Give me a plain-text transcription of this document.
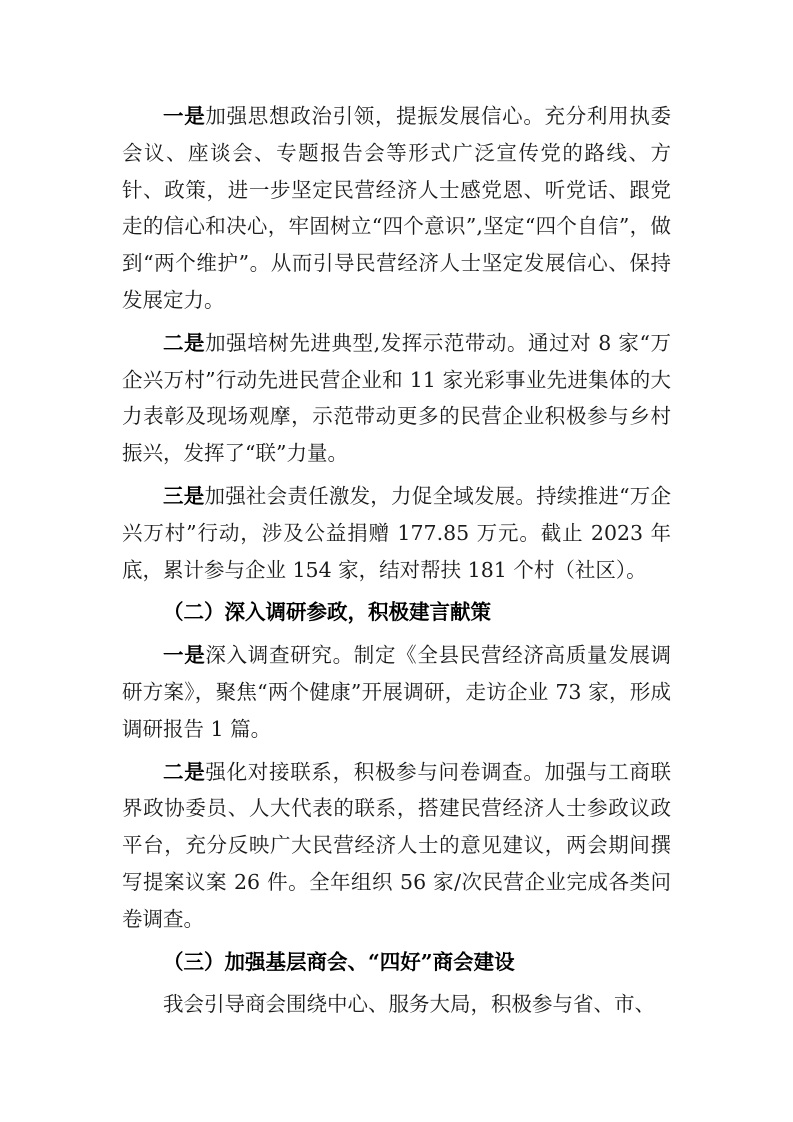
一是加强思想政治引领，提振发展信心。充分利用执委会议、座谈会、专题报告会等形式广泛宣传党的路线、方针、政策，进一步坚定民营经济人士感党恩、听党话、跟党走的信心和决心，牢固树立“四个意识”,坚定“四个自信”，做到“两个维护”。从而引导民营经济人士坚定发展信心、保持发展定力。

二是加强培树先进典型,发挥示范带动。通过对 8 家“万企兴万村”行动先进民营企业和 11 家光彩事业先进集体的大力表彰及现场观摩，示范带动更多的民营企业积极参与乡村振兴，发挥了“联”力量。

三是加强社会责任激发，力促全域发展。持续推进“万企兴万村”行动，涉及公益捐赠 177.85 万元。截止 2023 年底，累计参与企业 154 家，结对帮扶 181 个村（社区）。

（二）深入调研参政，积极建言献策

一是深入调查研究。制定《全县民营经济高质量发展调研方案》，聚焦“两个健康”开展调研，走访企业 73 家，形成调研报告 1 篇。

二是强化对接联系，积极参与问卷调查。加强与工商联界政协委员、人大代表的联系，搭建民营经济人士参政议政平台，充分反映广大民营经济人士的意见建议，两会期间撰写提案议案 26 件。全年组织 56 家/次民营企业完成各类问卷调查。

（三）加强基层商会、“四好”商会建设

我会引导商会围绕中心、服务大局，积极参与省、市、
